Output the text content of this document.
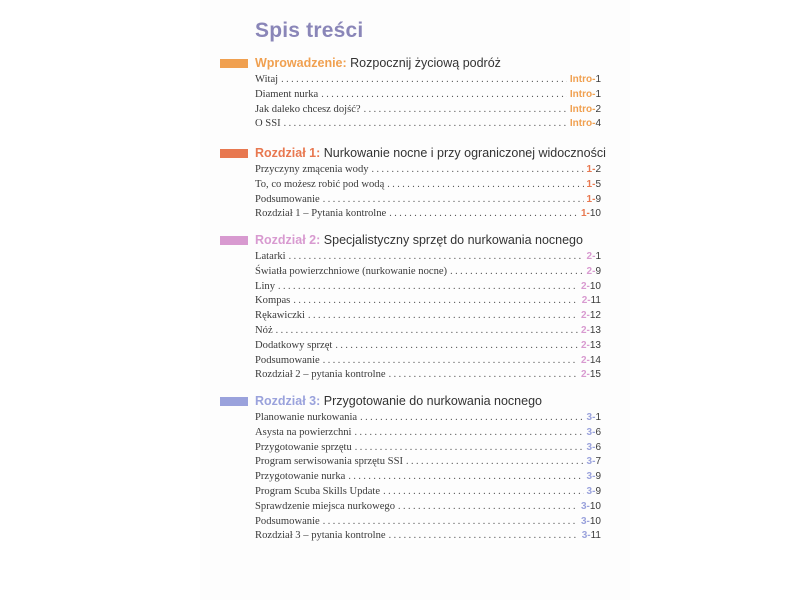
Spis treści
Wprowadzenie: Rozpocznij życiową podróż
Witaj . . .	Intro-1
Diament nurka . . .	Intro-1
Jak daleko chcesz dojść? . . .	Intro-2
O SSI . . .	Intro-4
Rozdział 1: Nurkowanie nocne i przy ograniczonej widoczności
Przyczyny zmącenia wody . . .	1-2
To, co możesz robić pod wodą . . .	1-5
Podsumowanie . . .	1-9
Rozdział 1 – Pytania kontrolne . . .	1-10
Rozdział 2: Specjalistyczny sprzęt do nurkowania nocnego
Latarki . . .	2-1
Światła powierzchniowe (nurkowanie nocne) . . .	2-9
Liny . . .	2-10
Kompas . . .	2-11
Rękawiczki . . .	2-12
Nóż . . .	2-13
Dodatkowy sprzęt . . .	2-13
Podsumowanie . . .	2-14
Rozdział 2 – pytania kontrolne . . .	2-15
Rozdział 3: Przygotowanie do nurkowania nocnego
Planowanie nurkowania . . .	3-1
Asysta na powierzchni . . .	3-6
Przygotowanie sprzętu . . .	3-6
Program serwisowania sprzętu SSI . . .	3-7
Przygotowanie nurka . . .	3-9
Program Scuba Skills Update . . .	3-9
Sprawdzenie miejsca nurkowego . . .	3-10
Podsumowanie . . .	3-10
Rozdział 3 – pytania kontrolne . . .	3-11
